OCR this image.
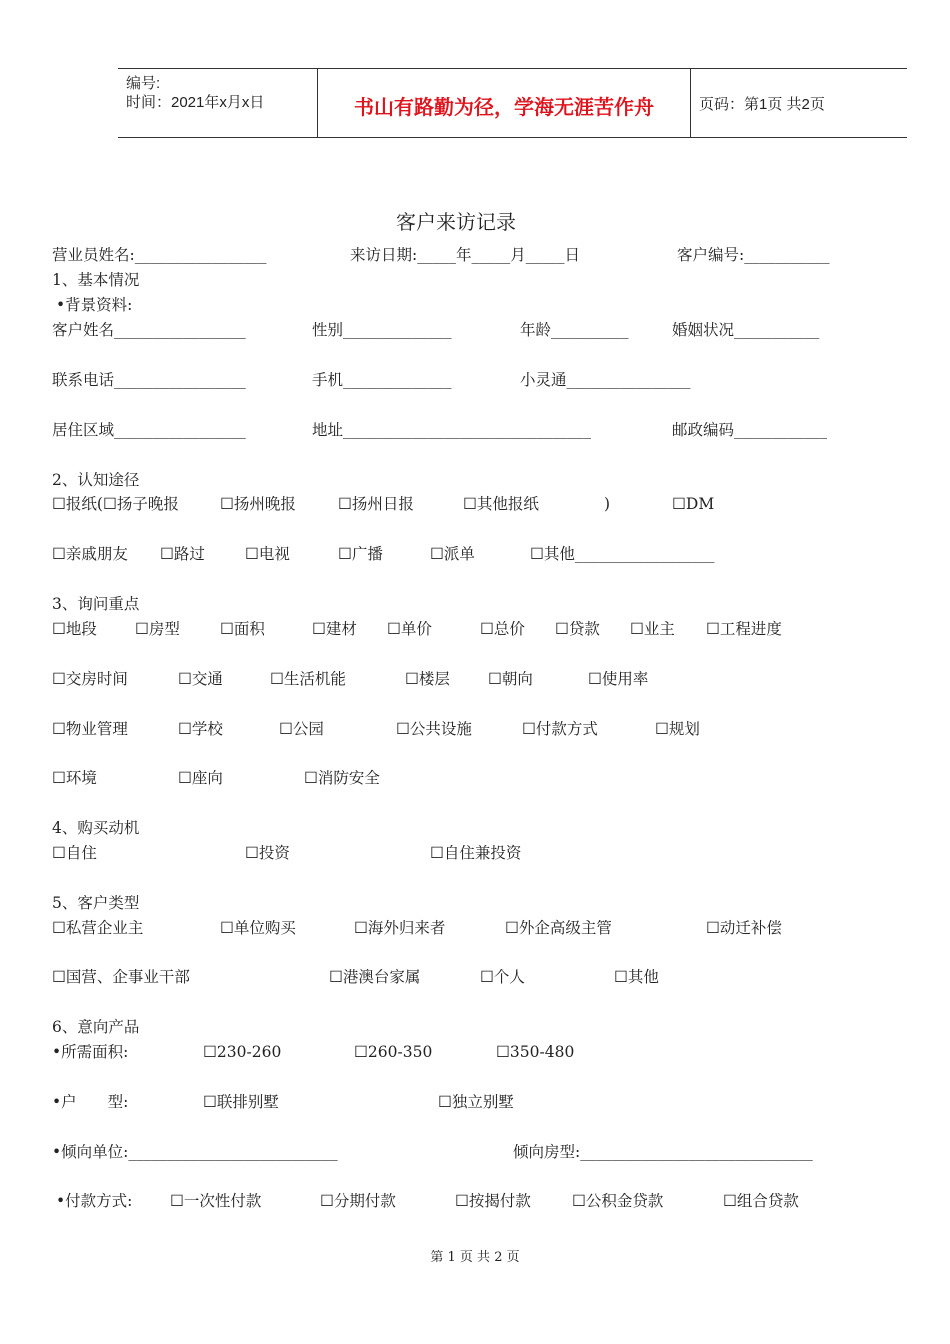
编号:
时间：2021年x月x日	书山有路勤为径，学海无涯苦作舟	页码：第1页 共2页
客户来访记录
营业员姓名:_________________	来访日期:_____年_____月_____日	客户编号:___________
1、基本情况
•背景资料:
客户姓名_________________	性别______________	年龄__________	婚姻状况___________
联系电话_________________	手机______________	小灵通________________
居住区域_________________	地址________________________________	邮政编码____________
2、认知途径
☐报纸(☐扬子晚报	☐扬州晚报	☐扬州日报	☐其他报纸	)	☐DM
☐亲戚朋友 ☐路过	☐电视	☐广播	☐派单	☐其他__________________
3、询问重点
☐地段 ☐房型	☐面积	☐建材 ☐单价	☐总价 ☐贷款 ☐业主 ☐工程进度
☐交房时间	☐交通	☐生活机能	☐楼层 ☐朝向	☐使用率
☐物业管理	☐学校	☐公园	☐公共设施	☐付款方式	☐规划
☐环境	☐座向	☐消防安全
4、购买动机
☐自住	☐投资	☐自住兼投资
5、客户类型
☐私营企业主	☐单位购买	☐海外归来者	☐外企高级主管	☐动迁补偿
☐国营、企事业干部	☐港澳台家属	☐个人	☐其他
6、意向产品
•所需面积:	☐230-260	☐260-350	☐350-480
•户　　型:	☐联排别墅	☐独立别墅
•倾向单位:___________________________	倾向房型:______________________________
•付款方式: ☐一次性付款	☐分期付款	☐按揭付款	☐公积金贷款	☐组合贷款
第 1 页 共 2 页
